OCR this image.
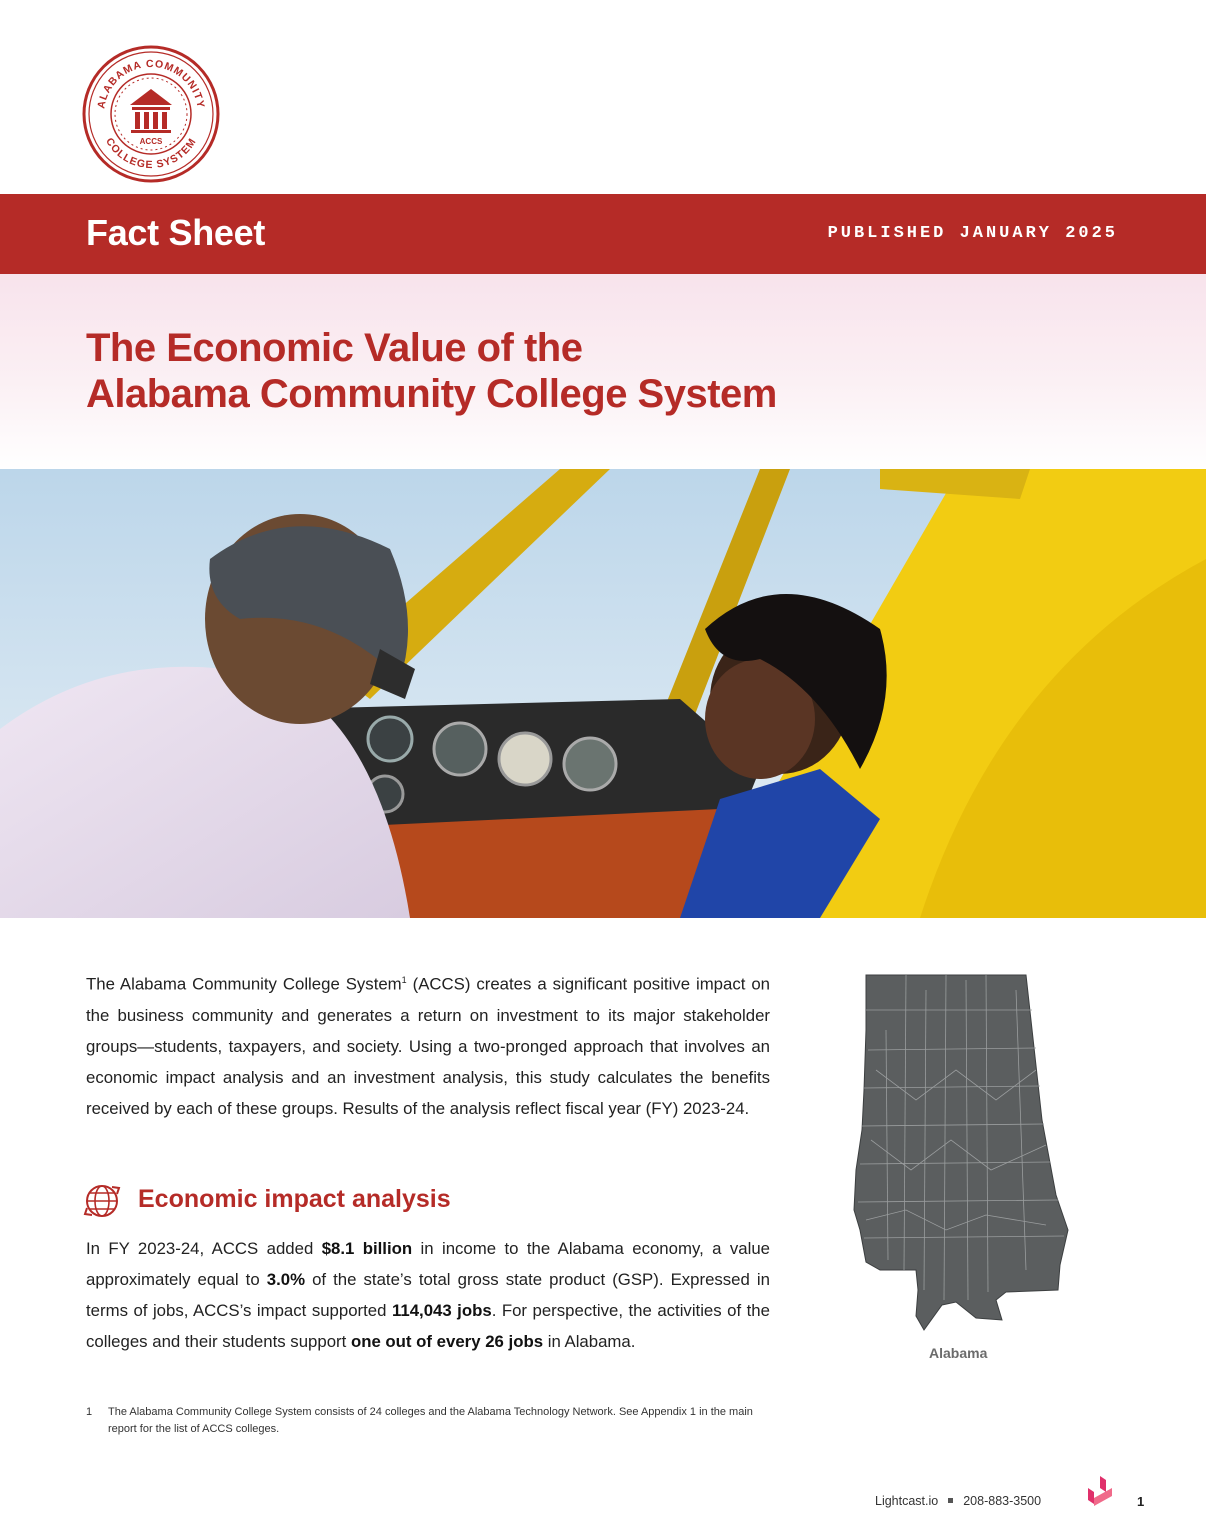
ALABAMA COMMUNITY
COLLEGE SYSTEM
ACCS
Fact Sheet	PUBLISHED JANUARY 2025
The Economic Value of the
Alabama Community College System
The Alabama Community College System$^1$ (ACCS) creates a significant positive impact on the business community and generates a return on investment to its major stakeholder groups—students, taxpayers, and society. Using a two-pronged approach that involves an economic impact analysis and an investment analysis, this study calculates the benefits received by each of these groups. Results of the analysis reflect fiscal year (FY) 2023-24.
Economic impact analysis
In FY 2023-24, ACCS added $8.1 billion in income to the Alabama economy, a value approximately equal to 3.0% of the state’s total gross state product (GSP). Expressed in terms of jobs, ACCS’s impact supported 114,043 jobs. For perspective, the activities of the colleges and their students support one out of every 26 jobs in Alabama.
Alabama
1 The Alabama Community College System consists of 24 colleges and the Alabama Technology Network. See Appendix 1 in the main report for the list of ACCS colleges.
Lightcast.io 208-883-3500	1
